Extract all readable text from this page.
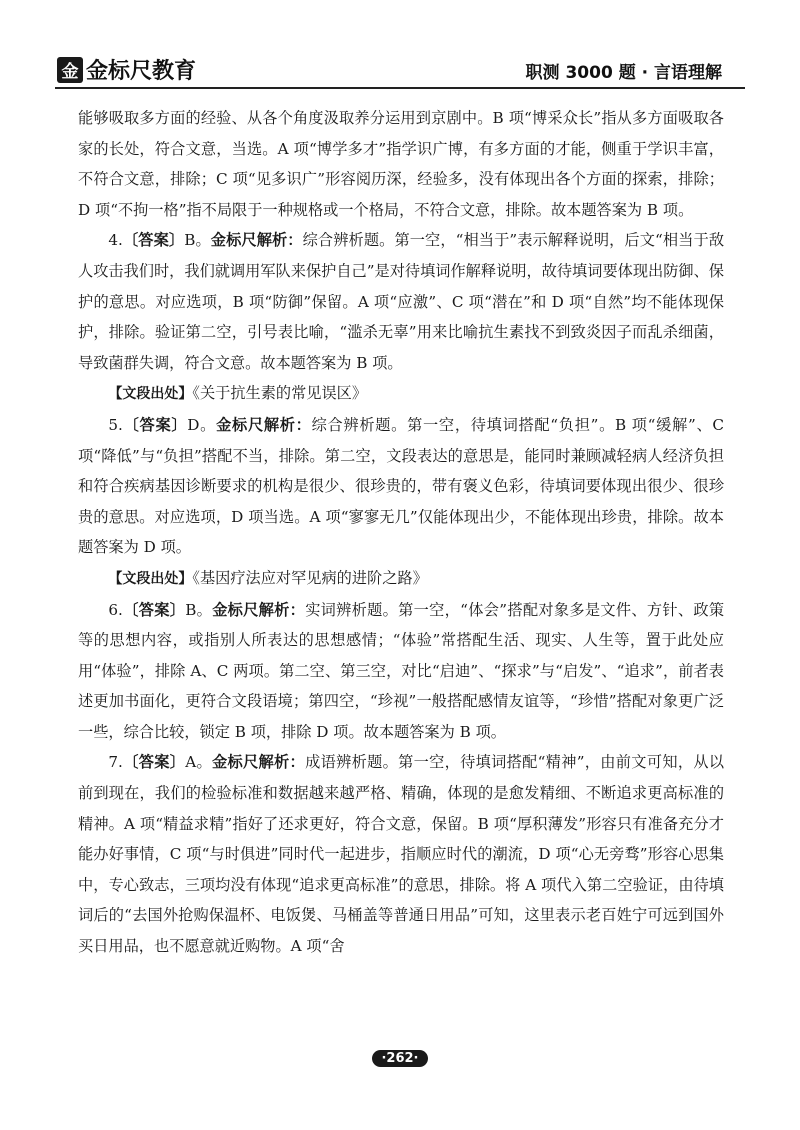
金 金标尺教育	职测 3000 题 · 言语理解

能够吸取多方面的经验、从各个角度汲取养分运用到京剧中。B 项“博采众长”指从多方面吸取各家的长处，符合文意，当选。A 项“博学多才”指学识广博，有多方面的才能，侧重于学识丰富，不符合文意，排除；C 项“见多识广”形容阅历深，经验多，没有体现出各个方面的探索，排除；D 项“不拘一格”指不局限于一种规格或一个格局，不符合文意，排除。故本题答案为 B 项。

4.〔答案〕B。金标尺解析：综合辨析题。第一空，“相当于”表示解释说明，后文“相当于敌人攻击我们时，我们就调用军队来保护自己”是对待填词作解释说明，故待填词要体现出防御、保护的意思。对应选项，B 项“防御”保留。A 项“应激”、C 项“潜在”和 D 项“自然”均不能体现保护，排除。验证第二空，引号表比喻，“滥杀无辜”用来比喻抗生素找不到致炎因子而乱杀细菌，导致菌群失调，符合文意。故本题答案为 B 项。

【文段出处】《关于抗生素的常见误区》

5.〔答案〕D。金标尺解析：综合辨析题。第一空，待填词搭配“负担”。B 项“缓解”、C 项“降低”与“负担”搭配不当，排除。第二空，文段表达的意思是，能同时兼顾减轻病人经济负担和符合疾病基因诊断要求的机构是很少、很珍贵的，带有褒义色彩，待填词要体现出很少、很珍贵的意思。对应选项，D 项当选。A 项“寥寥无几”仅能体现出少，不能体现出珍贵，排除。故本题答案为 D 项。

【文段出处】《基因疗法应对罕见病的进阶之路》

6.〔答案〕B。金标尺解析：实词辨析题。第一空，“体会”搭配对象多是文件、方针、政策等的思想内容，或指别人所表达的思想感情；“体验”常搭配生活、现实、人生等，置于此处应用“体验”，排除 A、C 两项。第二空、第三空，对比“启迪”、“探求”与“启发”、“追求”，前者表述更加书面化，更符合文段语境；第四空，“珍视”一般搭配感情友谊等，“珍惜”搭配对象更广泛一些，综合比较，锁定 B 项，排除 D 项。故本题答案为 B 项。

7.〔答案〕A。金标尺解析：成语辨析题。第一空，待填词搭配“精神”，由前文可知，从以前到现在，我们的检验标准和数据越来越严格、精确，体现的是愈发精细、不断追求更高标准的精神。A 项“精益求精”指好了还求更好，符合文意，保留。B 项“厚积薄发”形容只有准备充分才能办好事情，C 项“与时俱进”同时代一起进步，指顺应时代的潮流，D 项“心无旁骛”形容心思集中，专心致志，三项均没有体现“追求更高标准”的意思，排除。将 A 项代入第二空验证，由待填词后的“去国外抢购保温杯、电饭煲、马桶盖等普通日用品”可知，这里表示老百姓宁可远到国外买日用品，也不愿意就近购物。A 项“舍

·262·
